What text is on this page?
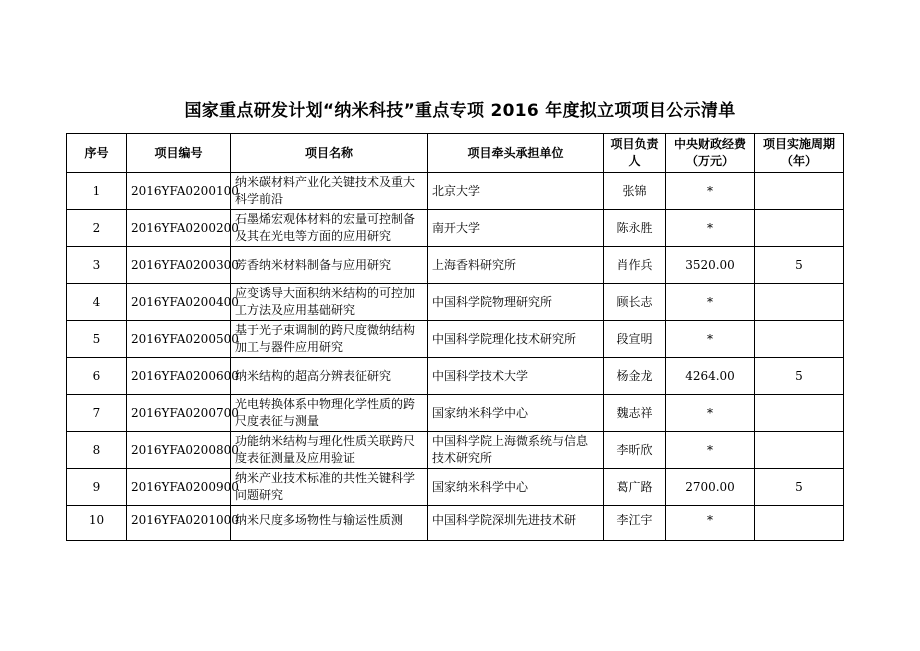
国家重点研发计划“纳米科技”重点专项 2016 年度拟立项项目公示清单
序号	项目编号	项目名称	项目牵头承担单位	项目负责人	中央财政经费（万元）	项目实施周期（年）
1	2016YFA0200100	纳米碳材料产业化关键技术及重大科学前沿	北京大学	张锦	*	
2	2016YFA0200200	石墨烯宏观体材料的宏量可控制备及其在光电等方面的应用研究	南开大学	陈永胜	*	
3	2016YFA0200300	芳香纳米材料制备与应用研究	上海香料研究所	肖作兵	3520.00	5
4	2016YFA0200400	应变诱导大面积纳米结构的可控加工方法及应用基础研究	中国科学院物理研究所	顾长志	*	
5	2016YFA0200500	基于光子束调制的跨尺度微纳结构加工与器件应用研究	中国科学院理化技术研究所	段宣明	*	
6	2016YFA0200600	纳米结构的超高分辨表征研究	中国科学技术大学	杨金龙	4264.00	5
7	2016YFA0200700	光电转换体系中物理化学性质的跨尺度表征与测量	国家纳米科学中心	魏志祥	*	
8	2016YFA0200800	功能纳米结构与理化性质关联跨尺度表征测量及应用验证	中国科学院上海微系统与信息技术研究所	李昕欣	*	
9	2016YFA0200900	纳米产业技术标准的共性关键科学问题研究	国家纳米科学中心	葛广路	2700.00	5
10	2016YFA0201000	纳米尺度多场物性与输运性质测	中国科学院深圳先进技术研	李江宇	*	
